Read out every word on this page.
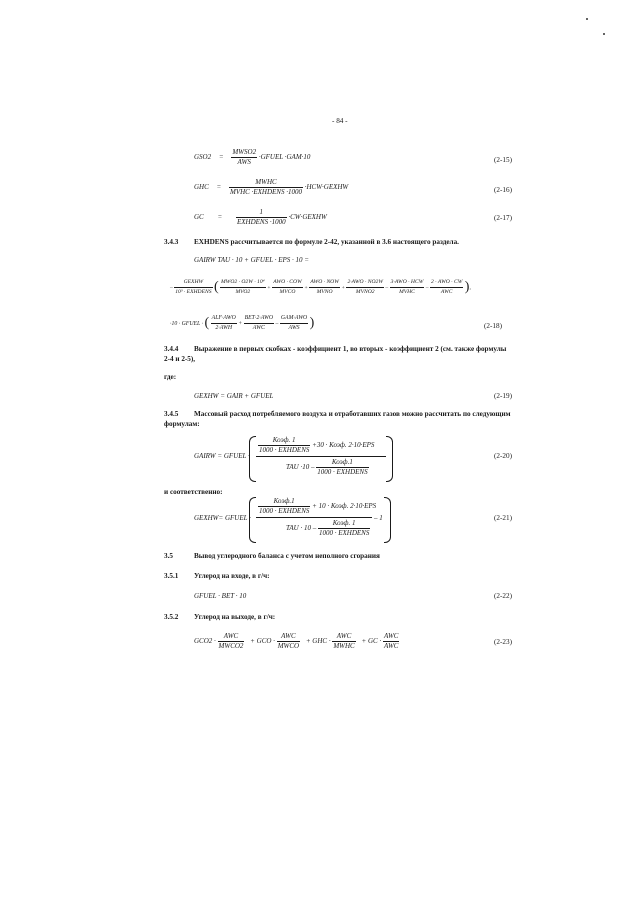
- 84 -
$GSO2 = \frac{\text{MWSO2}}{\text{AWS}}$ ·GFUEL ·GAM·10	(2-15)
GHC = $\frac{\text{MWHC}}{\text{MVHC ·EXHDENS ·1000}}$ ·HCW·GEXHW	(2-16)
GC = $\frac{1}{\text{EXHDENS ·1000}}$ ·CW·GEXHW	(2-17)
3.4.3 EXHDENS рассчитывается по формуле 2-42, указанной в 3.6 настоящего раздела.
GAIRW TAU · 10 + GFUEL · EPS · 10 =
– $\frac{\text{GEXHW}}{\text{10³ · EXHDENS}}$ ( $\frac{\text{MWO2 · O2W · 10⁴}}{\text{MVO2}} + \frac{\text{AWO · COW}}{\text{MVCO}} + \frac{\text{AWO · NOW}}{\text{MVNO}} + \frac{\text{2·AWO · NO2W}}{\text{MVNO2}} - \frac{\text{3·AWO · HCW}}{\text{MVHC}} - \frac{\text{2 · AWO · CW}}{\text{AWC}}$ ),
·10 · GFUEL · ( $\frac{\text{ALF·AWO}}{\text{2·AWH}} + \frac{\text{BET·2·AWO}}{\text{AWC}} - \frac{\text{GAM·AWO}}{\text{AWS}}$ )	(2-18)
3.4.4 Выражение в первых скобках - коэффициент 1, во вторых - коэффициент 2 (см. также формулы
2-4 и 2-5),
где:
GEXHW = GAIR + GFUEL	(2-19)
3.4.5 Массовый расход потребляемого воздуха и отработавших газов можно рассчитать по следующим
формулам:
GAIRW = GFUEL ·
$\frac{\text{Коэф. 1}}{\text{1000 · EXHDENS}} +30$ · Коэф. 2·10·EPS
TAU $\cdot 10 - \frac{\text{Коэф.1}}{\text{1000 · EXHDENS}}$
(2-20)
и соответственно:
GEXHW= GFUEL ·
$\frac{\text{Коэф.1}}{\text{1000 · EXHDENS}} + 10$ · Коэф. 2·10·EPS
– 1
TAU · $10 - \frac{\text{Коэф. 1}}{\text{1000 · EXHDENS}}$
(2-21)
3.5	Вывод углеродного баланса с учетом неполного сгорания
3.5.1 Углерод на входе, в г/ч:
GFUEL · BET · 10	(2-22)
3.5.2 Углерод на выходе, в г/ч:
$GCO2 \cdot \frac{\text{AWC}}{\text{MWCO2}}$ + GCO · $\frac{\text{AWC}}{\text{MWCO}}$ + GHC · $\frac{\text{AWC}}{\text{MWHC}}$ + GC · $\frac{\text{AWC}}{\text{AWC}}$	(2-23)
